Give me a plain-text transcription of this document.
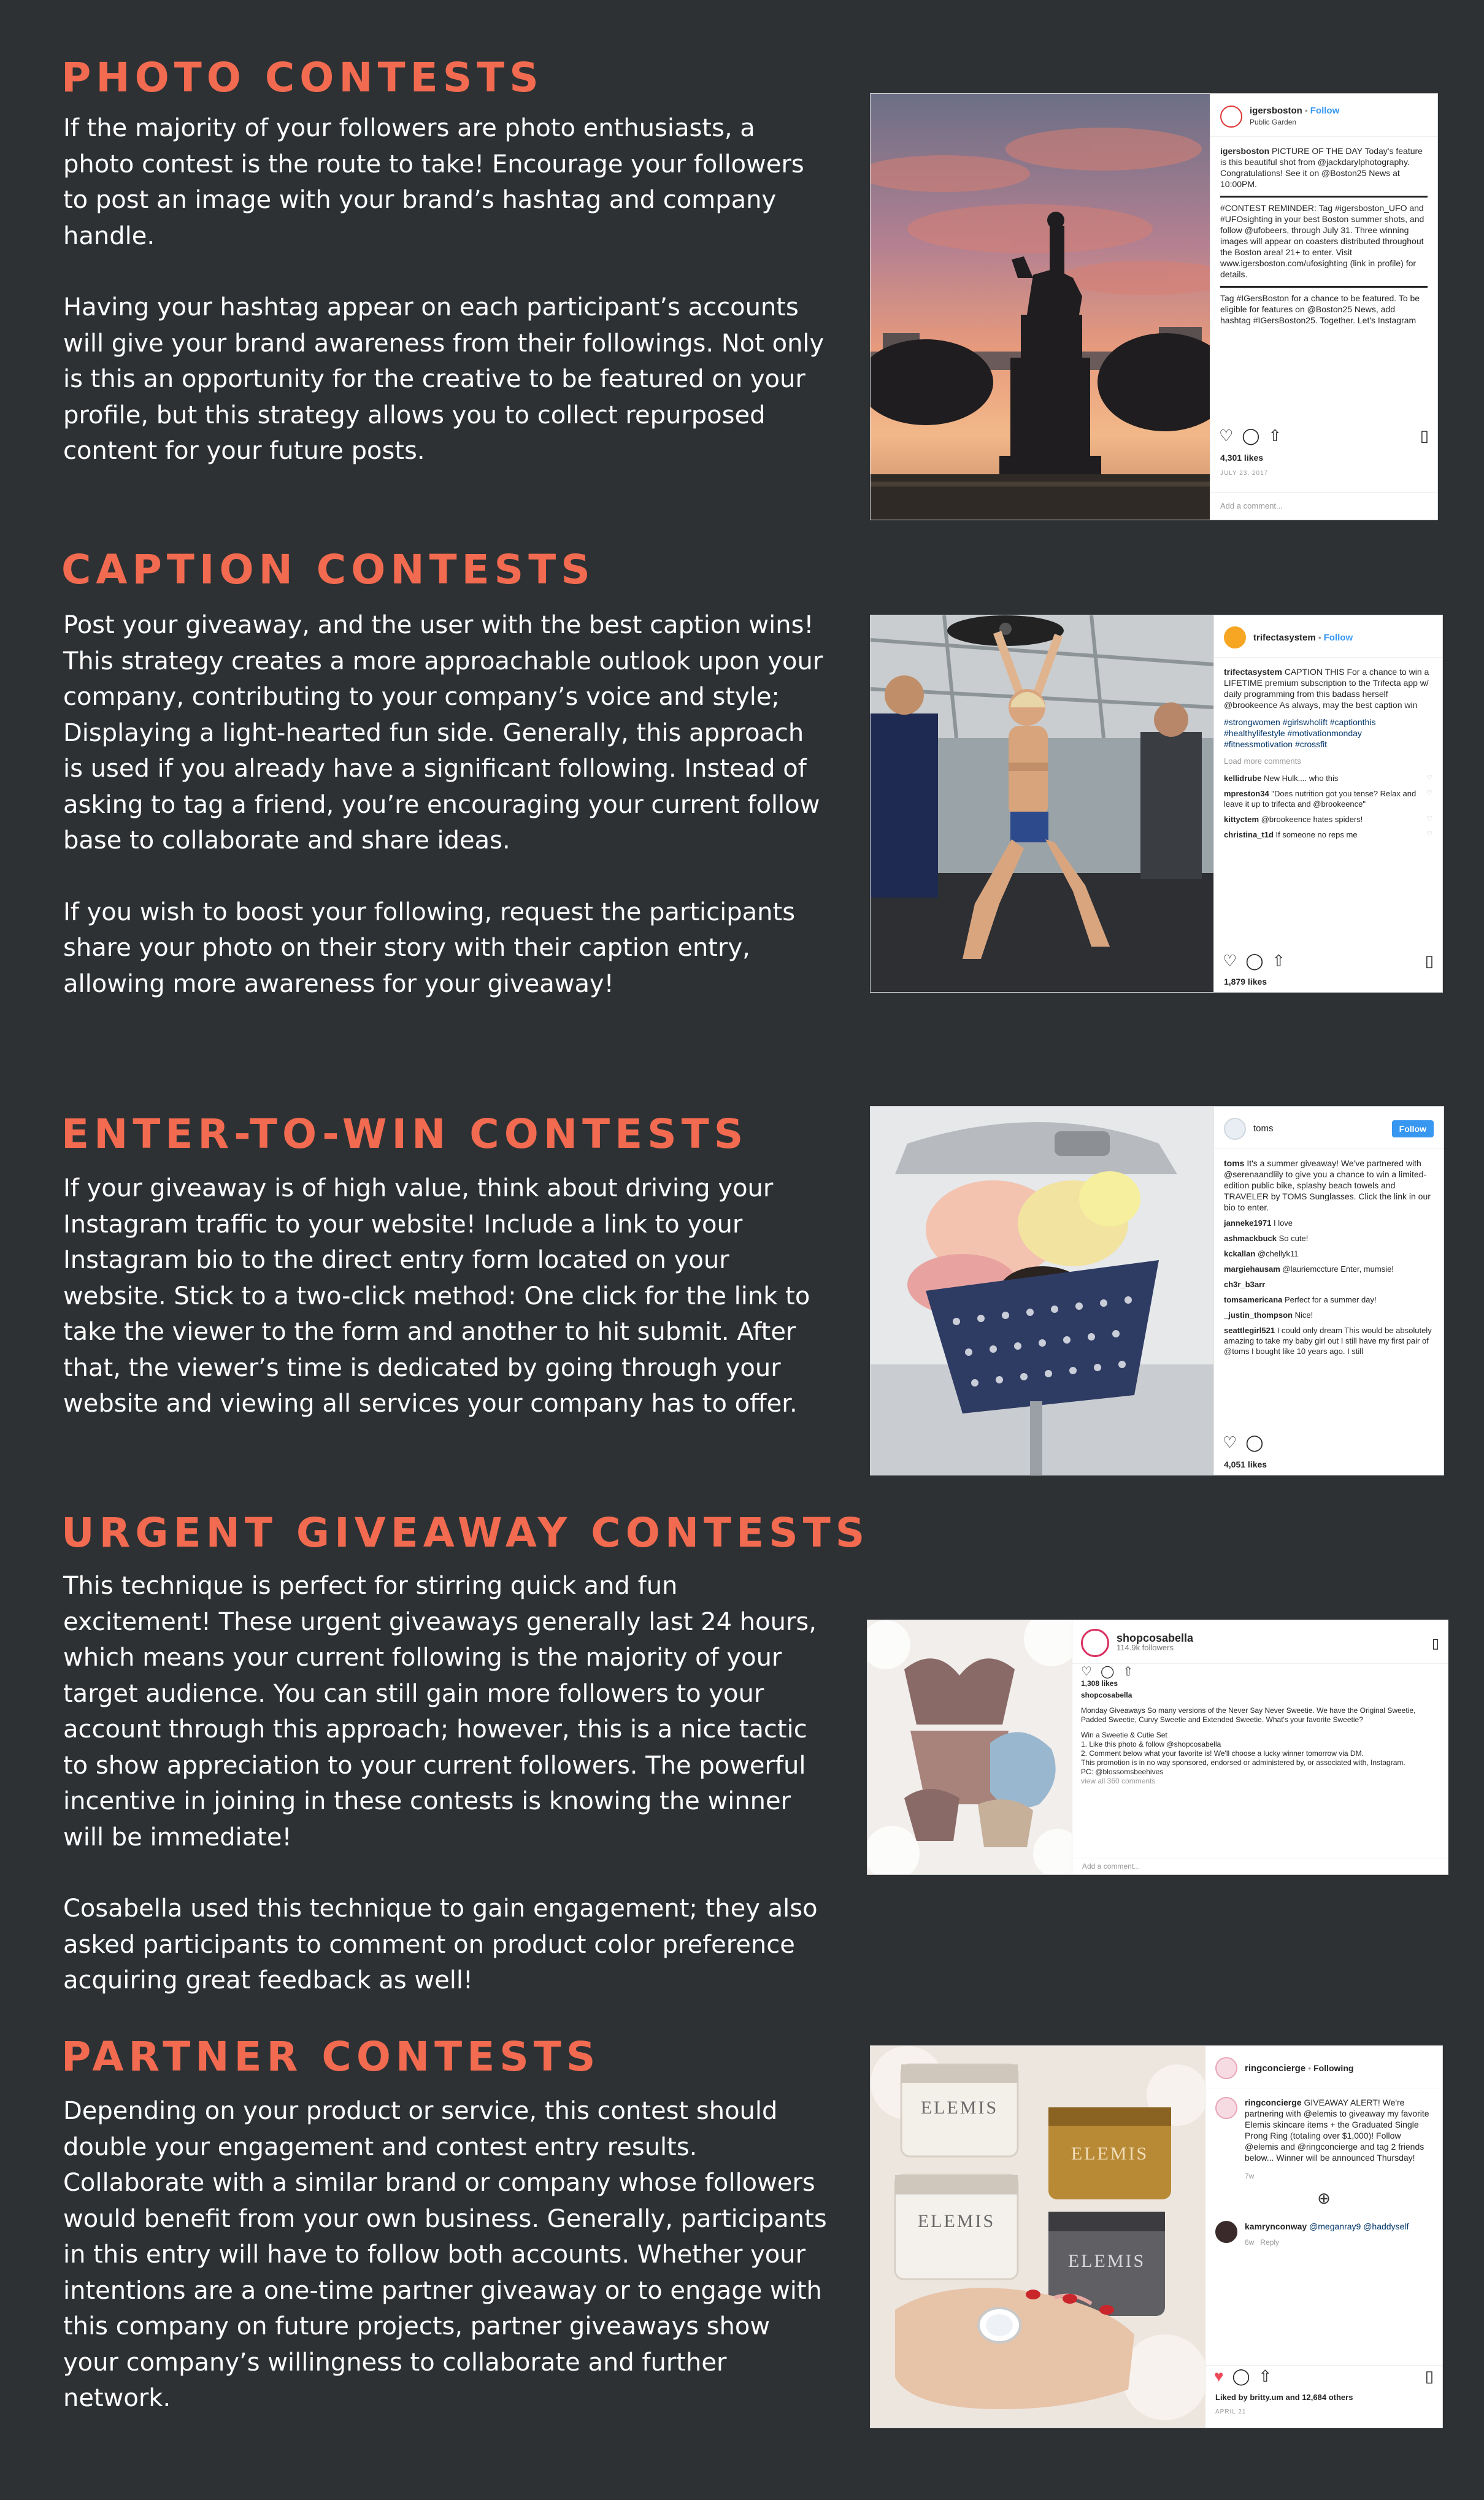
PHOTO CONTESTS

If the majority of your followers are photo enthusiasts, a photo contest is the route to take! Encourage your followers to post an image with your brand’s hashtag and company handle.

Having your hashtag appear on each participant’s accounts will give your brand awareness from their followings. Not only is this an opportunity for the creative to be featured on your profile, but this strategy allows you to collect repurposed content for your future posts.

igersboston • Follow
Public Garden
igersboston PICTURE OF THE DAY Today's feature is this beautiful shot from @jackdarylphotography. Congratulations! See it on @Boston25 News at 10:00PM.
#CONTEST REMINDER: Tag #igersboston_UFO and #UFOsighting in your best Boston summer shots, and follow @ufobeers, through July 31. Three winning images will appear on coasters distributed throughout the Boston area! 21+ to enter. Visit www.igersboston.com/ufosighting (link in profile) for details.
Tag #IGersBoston for a chance to be featured. To be eligible for features on @Boston25 News, add hashtag #IGersBoston25. Together. Let's Instagram
♡ ◯ ⇧	▯
4,301 likes
JULY 23, 2017
Add a comment...
CAPTION CONTESTS

Post your giveaway, and the user with the best caption wins! This strategy creates a more approachable outlook upon your company, contributing to your company’s voice and style; Displaying a light-hearted fun side. Generally, this approach is used if you already have a significant following. Instead of asking to tag a friend, you’re encouraging your current follow base to collaborate and share ideas.

If you wish to boost your following, request the participants share your photo on their story with their caption entry, allowing more awareness for your giveaway!

trifectasystem • Follow
trifectasystem CAPTION THIS For a chance to win a LIFETIME premium subscription to the Trifecta app w/ daily programming from this badass herself @brookeence As always, may the best caption win
#strongwomen #girlswholift #captionthis #healthylifestyle #motivationmonday #fitnessmotivation #crossfit
Load more comments
kellidrube New Hulk.... who this	♡
mpreston34 "Does nutrition got you tense? Relax and leave it up to trifecta and @brookeence"
♡
kittyctem @brookeence hates spiders!	♡
christina_t1d If someone no reps me	♡
♡ ◯ ⇧	▯
1,879 likes
ENTER-TO-WIN CONTESTS

If your giveaway is of high value, think about driving your Instagram traffic to your website! Include a link to your Instagram bio to the direct entry form located on your website. Stick to a two-click method: One click for the link to take the viewer to the form and another to hit submit. After that, the viewer’s time is dedicated by going through your website and viewing all services your company has to offer.

toms	Follow
toms It's a summer giveaway! We've partnered with @serenaandlily to give you a chance to win a limited-edition public bike, splashy beach towels and TRAVELER by TOMS Sunglasses. Click the link in our bio to enter.
janneke1971 I love
ashmackbuck So cute!
kckallan @chellyk11
margiehausam @lauriemccture Enter, mumsie!
ch3r_b3arr
tomsamericana Perfect for a summer day!
_justin_thompson Nice!
seattlegirl521 I could only dream This would be absolutely amazing to take my baby girl out I still have my first pair of @toms I bought like 10 years ago. I still
♡ ◯
4,051 likes
URGENT GIVEAWAY CONTESTS

This technique is perfect for stirring quick and fun excitement! These urgent giveaways generally last 24 hours, which means your current following is the majority of your target audience. You can still gain more followers to your account through this approach; however, this is a nice tactic to show appreciation to your current followers. The powerful incentive in joining in these contests is knowing the winner will be immediate!

Cosabella used this technique to gain engagement; they also asked participants to comment on product color preference acquiring great feedback as well!

shopcosabella
114.9k followers	▯
♡ ◯ ⇧
1,308 likes
shopcosabella
Monday Giveaways So many versions of the Never Say Never Sweetie. We have the Original Sweetie, Padded Sweetie, Curvy Sweetie and Extended Sweetie. What's your favorite Sweetie?
Win a Sweetie & Cutie Set
1. Like this photo & follow @shopcosabella
2. Comment below what your favorite is! We'll choose a lucky winner tomorrow via DM.
This promotion is in no way sponsored, endorsed or administered by, or associated with, Instagram.
PC: @blossomsbeehives
view all 360 comments
Add a comment...
PARTNER CONTESTS

Depending on your product or service, this contest should double your engagement and contest entry results. Collaborate with a similar brand or company whose followers would benefit from your own business. Generally, participants in this entry will have to follow both accounts. Whether your intentions are a one-time partner giveaway or to engage with this company on future projects, partner giveaways show your company’s willingness to collaborate and further network.

ELEMIS
ELEMIS
ELEMIS
ELEMIS
ringconcierge • Following
ringconcierge GIVEAWAY ALERT! We're partnering with @elemis to giveaway my favorite Elemis skincare items + the Graduated Single Prong Ring (totaling over $1,000)! Follow @elemis and @ringconcierge and tag 2 friends below... Winner will be announced Thursday!
7w
⊕
kamrynconway @meganray9 @haddyself
6w Reply
♥ ◯ ⇧	▯
Liked by britty.um and 12,684 others
APRIL 21
